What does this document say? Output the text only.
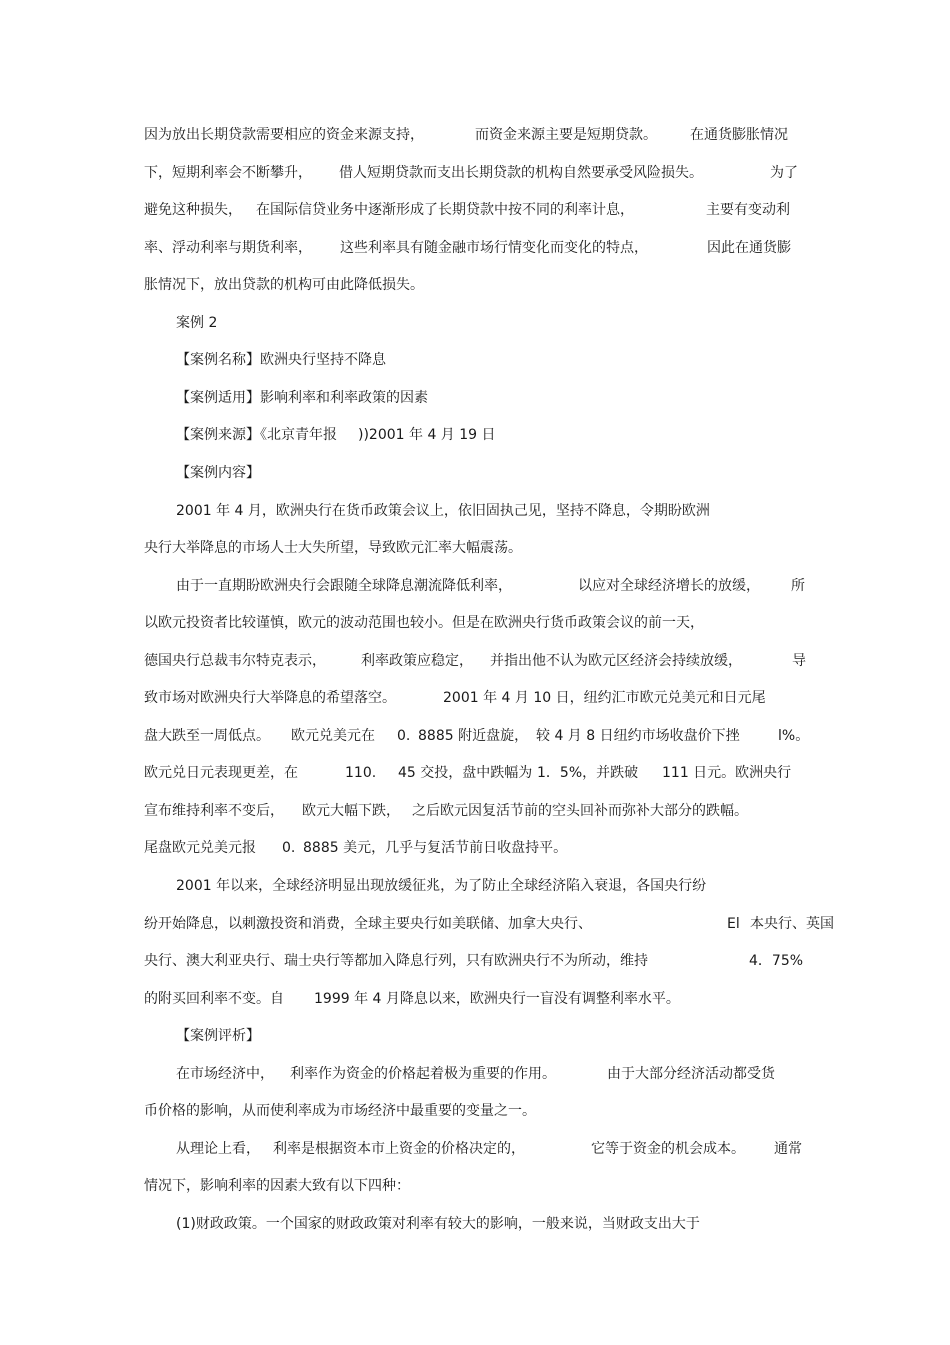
因为放出长期贷款需要相应的资金来源支持，	而资金来源主要是短期贷款。 在通货膨胀情况
下，短期利率会不断攀升， 借人短期贷款而支出长期贷款的机构自然要承受风险损失。	为了
避免这种损失， 在国际信贷业务中逐渐形成了长期贷款中按不同的利率计息，	主要有变动利
率、浮动利率与期货利率， 这些利率具有随金融市场行情变化而变化的特点，	因此在通货膨
胀情况下，放出贷款的机构可由此降低损失。
案例 2
【案例名称】欧洲央行坚持不降息
【案例适用】影响利率和利率政策的因素
【案例来源】《北京青年报 ))2001 年 4 月 19 日
【案例内容】
2001 年 4 月，欧洲央行在货币政策会议上，依旧固执己见，坚持不降息，令期盼欧洲
央行大举降息的市场人士大失所望，导致欧元汇率大幅震荡。
由于一直期盼欧洲央行会跟随全球降息潮流降低利率，	以应对全球经济增长的放缓， 所
以欧元投资者比较谨慎，欧元的波动范围也较小。但是在欧洲央行货币政策会议的前一天，
德国央行总裁韦尔特克表示，	利率政策应稳定， 并指出他不认为欧元区经济会持续放缓，	导
致市场对欧洲央行大举降息的希望落空。	2001 年 4 月 10 日，纽约汇市欧元兑美元和日元尾
盘大跌至一周低点。 欧元兑美元在 0. 8885 附近盘旋， 较 4 月 8 日纽约市场收盘价下挫	l%。
欧元兑日元表现更差，在	110. 45 交投，盘中跌幅为 1．5%，并跌破 111 日元。欧洲央行
宣布维持利率不变后， 欧元大幅下跌， 之后欧元因复活节前的空头回补而弥补大部分的跌幅。
尾盘欧元兑美元报 0. 8885 美元，几乎与复活节前日收盘持平。
2001 年以来，全球经济明显出现放缓征兆，为了防止全球经济陷入衰退，各国央行纷
纷开始降息，以刺激投资和消费，全球主要央行如美联储、加拿大央行、	El 本央行、英国
央行、澳大利亚央行、瑞士央行等都加入降息行列，只有欧洲央行不为所动，维持	4．75%
的附买回利率不变。自 1999 年 4 月降息以来，欧洲央行一盲没有调整利率水平。
【案例评析】
在市场经济中， 利率作为资金的价格起着极为重要的作用。	由于大部分经济活动都受货
币价格的影响，从而使利率成为市场经济中最重要的变量之一。
从理论上看， 利率是根据资本市上资金的价格决定的，	它等于资金的机会成本。 通常
情况下，影响利率的因素大致有以下四种：
(1)财政政策。一个国家的财政政策对利率有较大的影响，一般来说，当财政支出大于
